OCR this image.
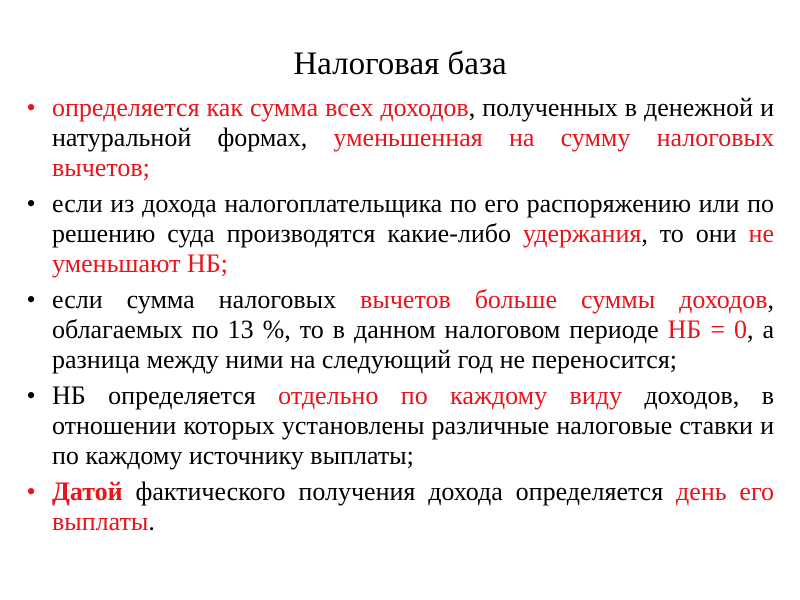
Налоговая база
• определяется как сумма всех доходов, полученных в денежной и натуральной формах, уменьшенная на сумму налоговых вычетов;
• если из дохода налогоплательщика по его распоряжению или по решению суда производятся какие-либо удержания, то они не уменьшают НБ;
• если сумма налоговых вычетов больше суммы доходов, облагаемых по 13 %, то в данном налоговом периоде НБ = 0, а разница между ними на следующий год не переносится;
• НБ определяется отдельно по каждому виду доходов, в отношении которых установлены различные налоговые ставки и по каждому источнику выплаты;
• Датой фактического получения дохода определяется день его выплаты.
